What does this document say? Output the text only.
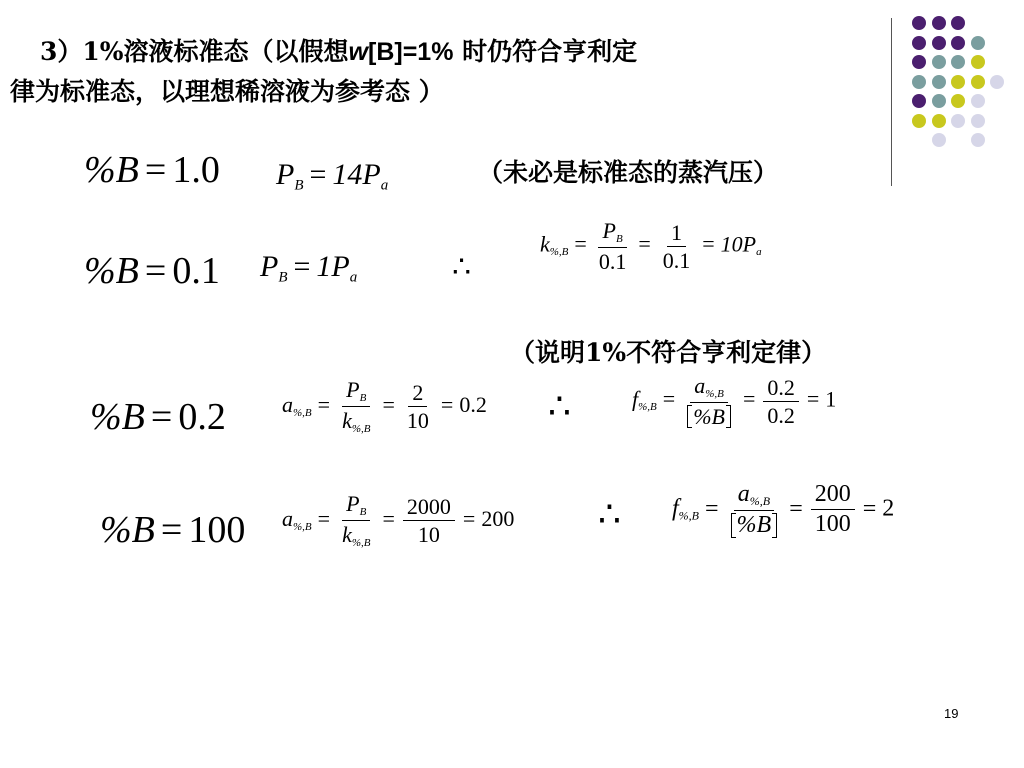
3）1%溶液标准态（以假想w[B]=1% 时仍符合亨利定
律为标准态，以理想稀溶液为参考态 ）
%B = 1.0 $P_B = 14P_a$	（未必是标准态的蒸汽压）
%B = 0.1 $P_B = 1P_a$	∴
$k_{\%,B} = \frac{P_B}{0.1} = \frac{1}{0.1} = 10P_a$
（说明1%不符合亨利定律）
%B = 0.2	$a_{\%,B} = \frac{P_B}{k_{\%,B}} = \frac{2}{10} = 0.2$ ∴	$f_{\%,B} = \frac{a_{\%,B}}{\%B} = \frac{0.2}{0.2} = 1$
%B = 100 $a_{\%,B} = \frac{P_B}{k_{\%,B}} = \frac{2000}{10} = 200$ ∴ $f_{\%,B} = \frac{a_{\%,B}}{\%B} = \frac{200}{100} = 2$
19
